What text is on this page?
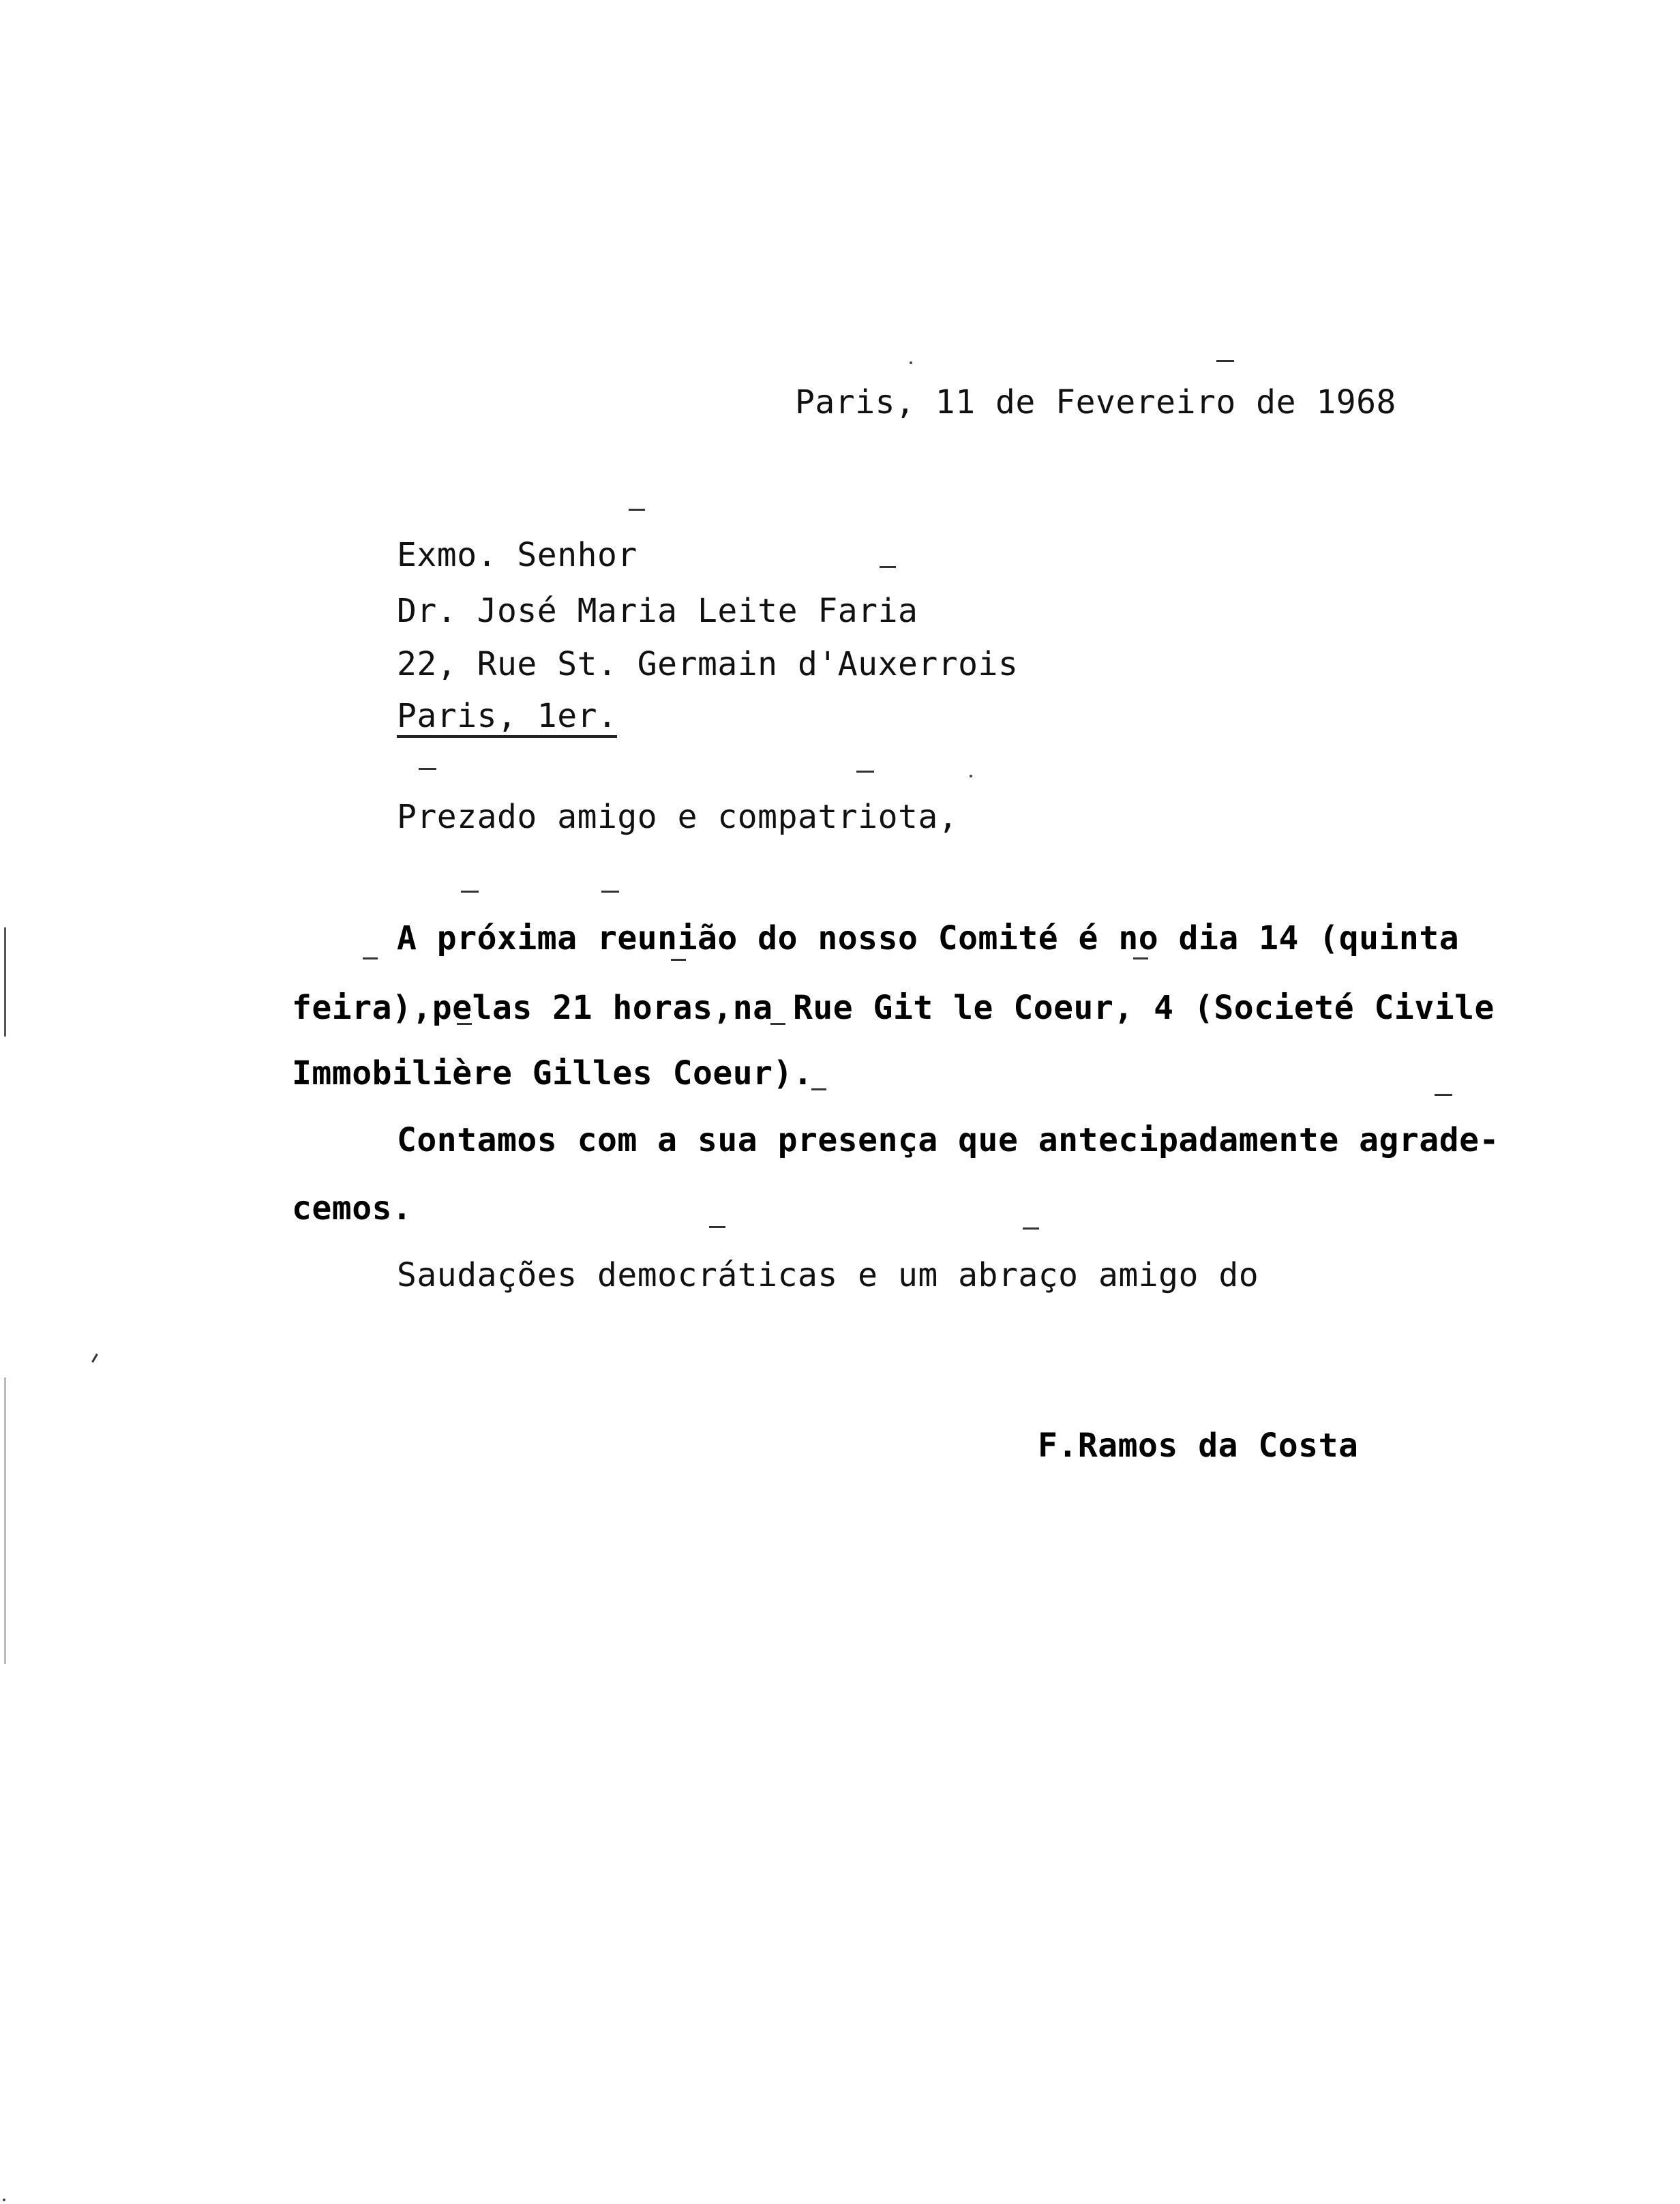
Paris, 11 de Fevereiro de 1968
Exmo. Senhor
Dr. José Maria Leite Faria
22, Rue St. Germain d'Auxerrois
Paris, 1er.
Prezado amigo e compatriota,
A próxima reunião do nosso Comité é no dia 14 (quinta
feira),pelas 21 horas,na Rue Git le Coeur, 4 (Societé Civile
Immobilière Gilles Coeur).
Contamos com a sua presença que antecipadamente agrade-
cemos.
Saudações democráticas e um abraço amigo do
F.Ramos da Costa
